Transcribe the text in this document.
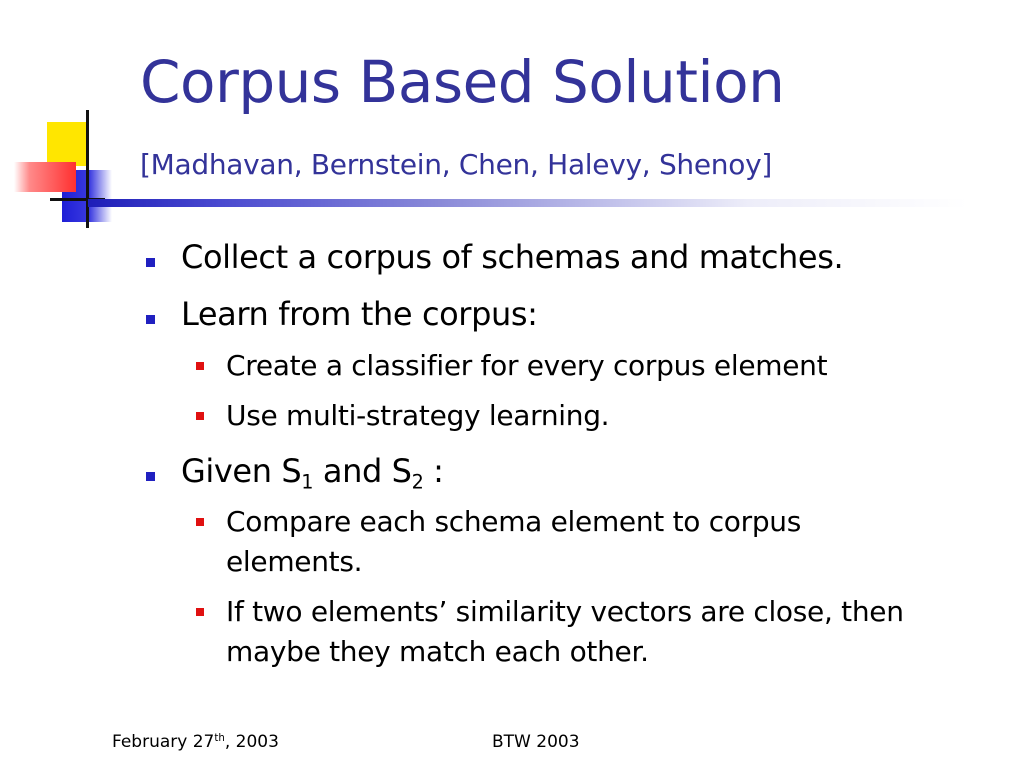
Corpus Based Solution

[Madhavan, Bernstein, Chen, Halevy, Shenoy]

Collect a corpus of schemas and matches.
Learn from the corpus:
Create a classifier for every corpus element
Use multi-strategy learning.
Given $S_1$ and $S_2$ :
Compare each schema element to corpus
elements.
If two elements’ similarity vectors are close, then
maybe they match each other.
February 27th, 2003	BTW 2003
